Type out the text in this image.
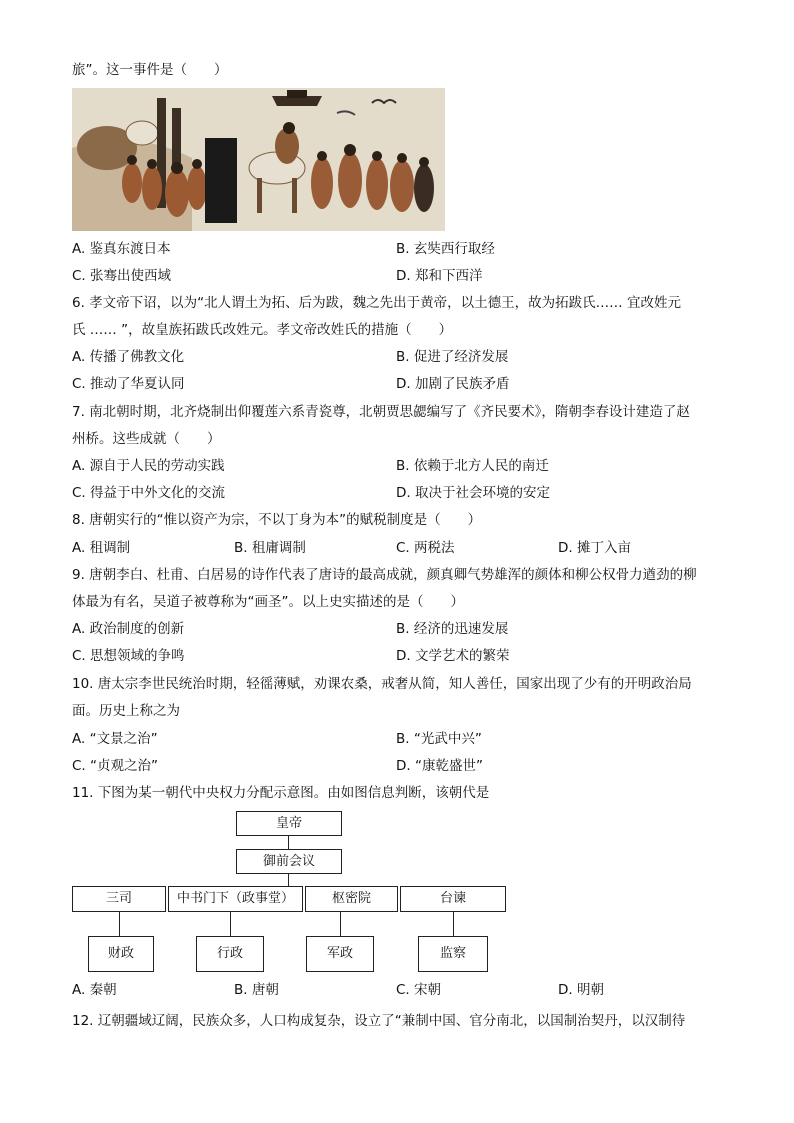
旅”。这一事件是（　　）
A. 鉴真东渡日本	B. 玄奘西行取经
C. 张骞出使西域	D. 郑和下西洋
6. 孝文帝下诏，以为“北人谓土为拓、后为跋，魏之先出于黄帝，以土德王，故为拓跋氏…… 宜改姓元
氏 …… ”，故皇族拓跋氏改姓元。孝文帝改姓氏的措施（　　）
A. 传播了佛教文化	B. 促进了经济发展
C. 推动了华夏认同	D. 加剧了民族矛盾
7. 南北朝时期，北齐烧制出仰覆莲六系青瓷尊，北朝贾思勰编写了《齐民要术》，隋朝李春设计建造了赵
州桥。这些成就（　　）
A. 源自于人民的劳动实践	B. 依赖于北方人民的南迁
C. 得益于中外文化的交流	D. 取决于社会环境的安定
8. 唐朝实行的“惟以资产为宗，不以丁身为本”的赋税制度是（　　）
A. 租调制	B. 租庸调制	C. 两税法	D. 摊丁入亩
9. 唐朝李白、杜甫、白居易的诗作代表了唐诗的最高成就，颜真卿气势雄浑的颜体和柳公权骨力遒劲的柳
体最为有名，吴道子被尊称为“画圣”。以上史实描述的是（　　）
A. 政治制度的创新	B. 经济的迅速发展
C. 思想领域的争鸣	D. 文学艺术的繁荣
10. 唐太宗李世民统治时期，轻徭薄赋，劝课农桑，戒奢从简，知人善任，国家出现了少有的开明政治局
面。历史上称之为
A. “文景之治”	B. “光武中兴”
C. “贞观之治”	D. “康乾盛世”
11. 下图为某一朝代中央权力分配示意图。由如图信息判断，该朝代是
皇帝
御前会议
三司	中书门下（政事堂）	枢密院	台谏
财政	行政	军政	监察
A. 秦朝	B. 唐朝	C. 宋朝	D. 明朝
12. 辽朝疆域辽阔，民族众多，人口构成复杂，设立了“兼制中国、官分南北，以国制治契丹，以汉制待
